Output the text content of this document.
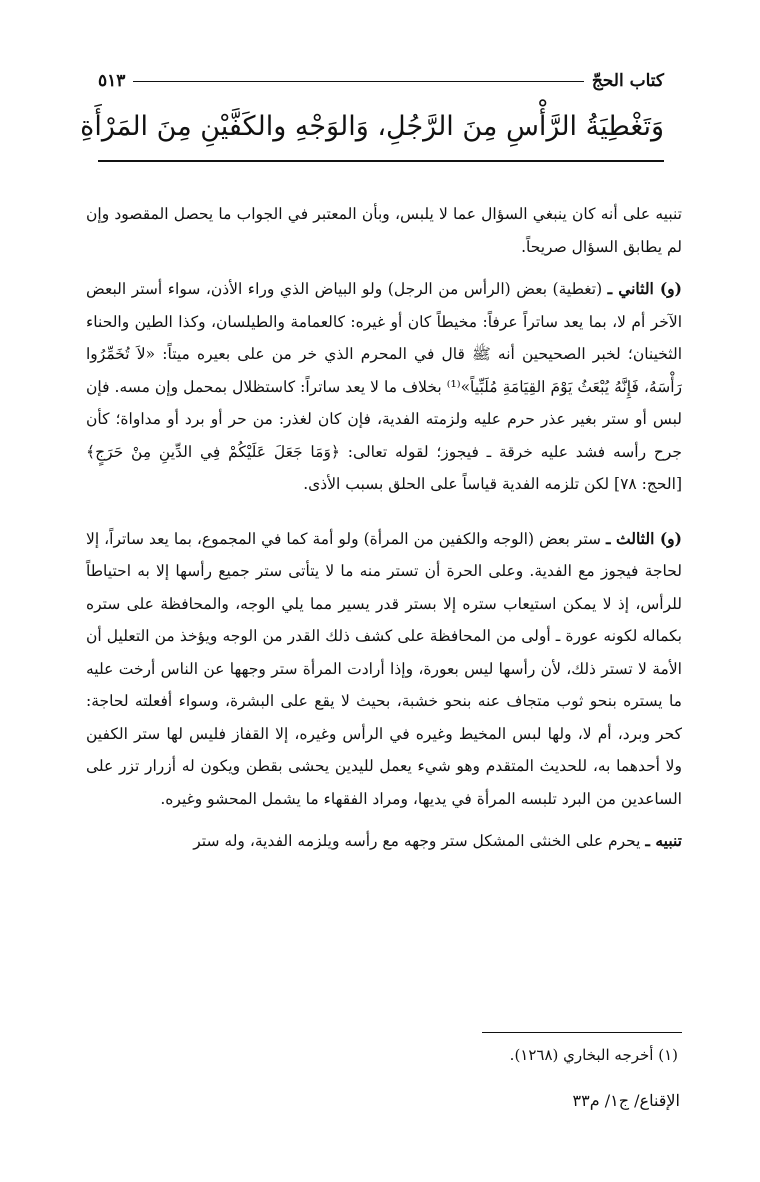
كتاب الحجّ
٥١٣
وَتَغْطِيَةُ الرَّأْسِ مِنَ الرَّجُلِ، وَالوَجْهِ والكَفَّيْنِ مِنَ المَرْأَةِ

تنبيه على أنه كان ينبغي السؤال عما لا يلبس، وبأن المعتبر في الجواب ما يحصل المقصود وإن لم يطابق السؤال صريحاً.

(و) الثاني ـ (تغطية) بعض (الرأس من الرجل) ولو البياض الذي وراء الأذن، سواء أستر البعض الآخر أم لا، بما يعد ساتراً عرفاً: مخيطاً كان أو غيره: كالعمامة والطيلسان، وكذا الطين والحناء الثخينان؛ لخبر الصحيحين أنه ﷺ قال في المحرم الذي خر من على بعيره ميتاً: «لاَ تُخَمِّرُوا رَأْسَهُ، فَإِنَّهُ يُبْعَثُ يَوْمَ القِيَامَةِ مُلَبِّياً»⁽¹⁾ بخلاف ما لا يعد ساتراً: كاستظلال بمحمل وإن مسه. فإن لبس أو ستر بغير عذر حرم عليه ولزمته الفدية، فإن كان لغذر: من حر أو برد أو مداواة؛ كأن جرح رأسه فشد عليه خرقة ـ فيجوز؛ لقوله تعالى: ﴿وَمَا جَعَلَ عَلَيْكُمْ فِي الدِّينِ مِنْ حَرَجٍ﴾ [الحج: ٧٨] لكن تلزمه الفدية قياساً على الحلق بسبب الأذى.

(و) الثالث ـ ستر بعض (الوجه والكفين من المرأة) ولو أمة كما في المجموع، بما يعد ساتراً، إلا لحاجة فيجوز مع الفدية. وعلى الحرة أن تستر منه ما لا يتأتى ستر جميع رأسها إلا به احتياطاً للرأس، إذ لا يمكن استيعاب ستره إلا بستر قدر يسير مما يلي الوجه، والمحافظة على ستره بكماله لكونه عورة ـ أولى من المحافظة على كشف ذلك القدر من الوجه ويؤخذ من التعليل أن الأمة لا تستر ذلك، لأن رأسها ليس بعورة، وإذا أرادت المرأة ستر وجهها عن الناس أرخت عليه ما يستره بنحو ثوب متجاف عنه بنحو خشبة، بحيث لا يقع على البشرة، وسواء أفعلته لحاجة: كحر وبرد، أم لا، ولها لبس المخيط وغيره في الرأس وغيره، إلا القفاز فليس لها ستر الكفين ولا أحدهما به، للحديث المتقدم وهو شيء يعمل لليدين يحشى بقطن ويكون له أزرار تزر على الساعدين من البرد تلبسه المرأة في يديها، ومراد الفقهاء ما يشمل المحشو وغيره.

تنبيه ـ يحرم على الخنثى المشكل ستر وجهه مع رأسه ويلزمه الفدية، وله ستر

(١) أخرجه البخاري (١٢٦٨).
الإقناع/ ج١/ م٣٣
